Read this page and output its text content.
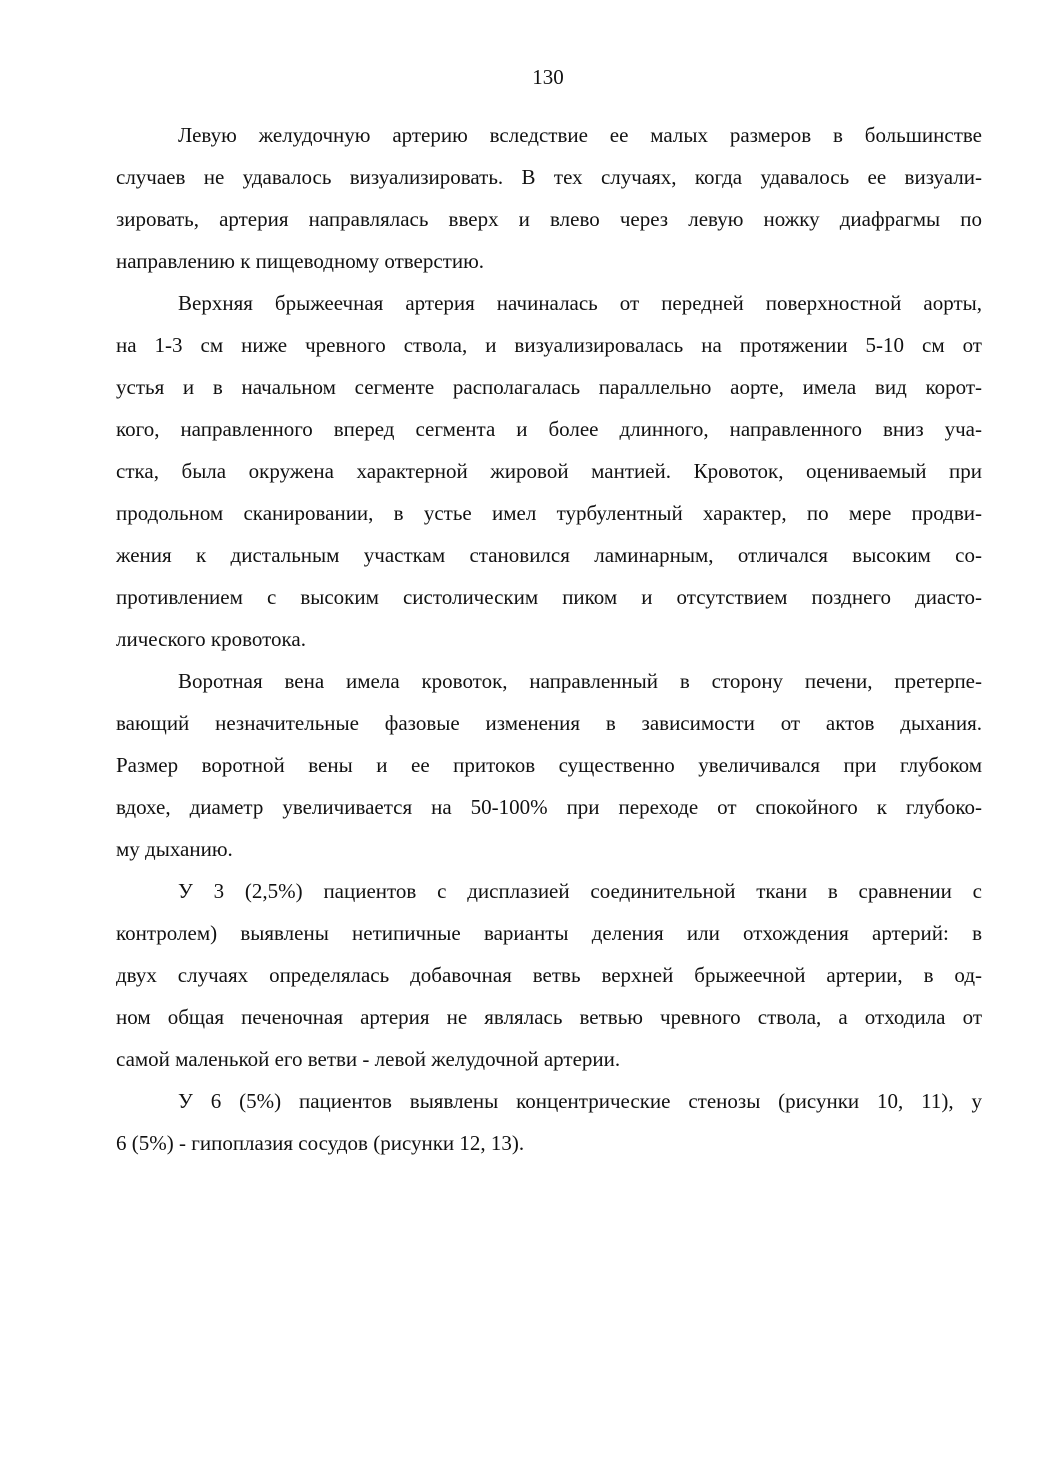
130

Левую желудочную артерию вследствие ее малых размеров в большинстве
случаев не удавалось визуализировать. В тех случаях, когда удавалось ее визуали-
зировать, артерия направлялась вверх и влево через левую ножку диафрагмы по
направлению к пищеводному отверстию.

Верхняя брыжеечная артерия начиналась от передней поверхностной аорты,
на 1-3 см ниже чревного ствола, и визуализировалась на протяжении 5-10 см от
устья и в начальном сегменте располагалась параллельно аорте, имела вид корот-
кого, направленного вперед сегмента и более длинного, направленного вниз уча-
стка, была окружена характерной жировой мантией. Кровоток, оцениваемый при
продольном сканировании, в устье имел турбулентный характер, по мере продви-
жения к дистальным участкам становился ламинарным, отличался высоким со-
противлением с высоким систолическим пиком и отсутствием позднего диасто-
лического кровотока.

Воротная вена имела кровоток, направленный в сторону печени, претерпе-
вающий незначительные фазовые изменения в зависимости от актов дыхания.
Размер воротной вены и ее притоков существенно увеличивался при глубоком
вдохе, диаметр увеличивается на 50-100% при переходе от спокойного к глубоко-
му дыханию.

У 3 (2,5%) пациентов с дисплазией соединительной ткани в сравнении с
контролем) выявлены нетипичные варианты деления или отхождения артерий: в
двух случаях определялась добавочная ветвь верхней брыжеечной артерии, в од-
ном общая печеночная артерия не являлась ветвью чревного ствола, а отходила от
самой маленькой его ветви - левой желудочной артерии.

У 6 (5%) пациентов выявлены концентрические стенозы (рисунки 10, 11), у
6 (5%) - гипоплазия сосудов (рисунки 12, 13).
